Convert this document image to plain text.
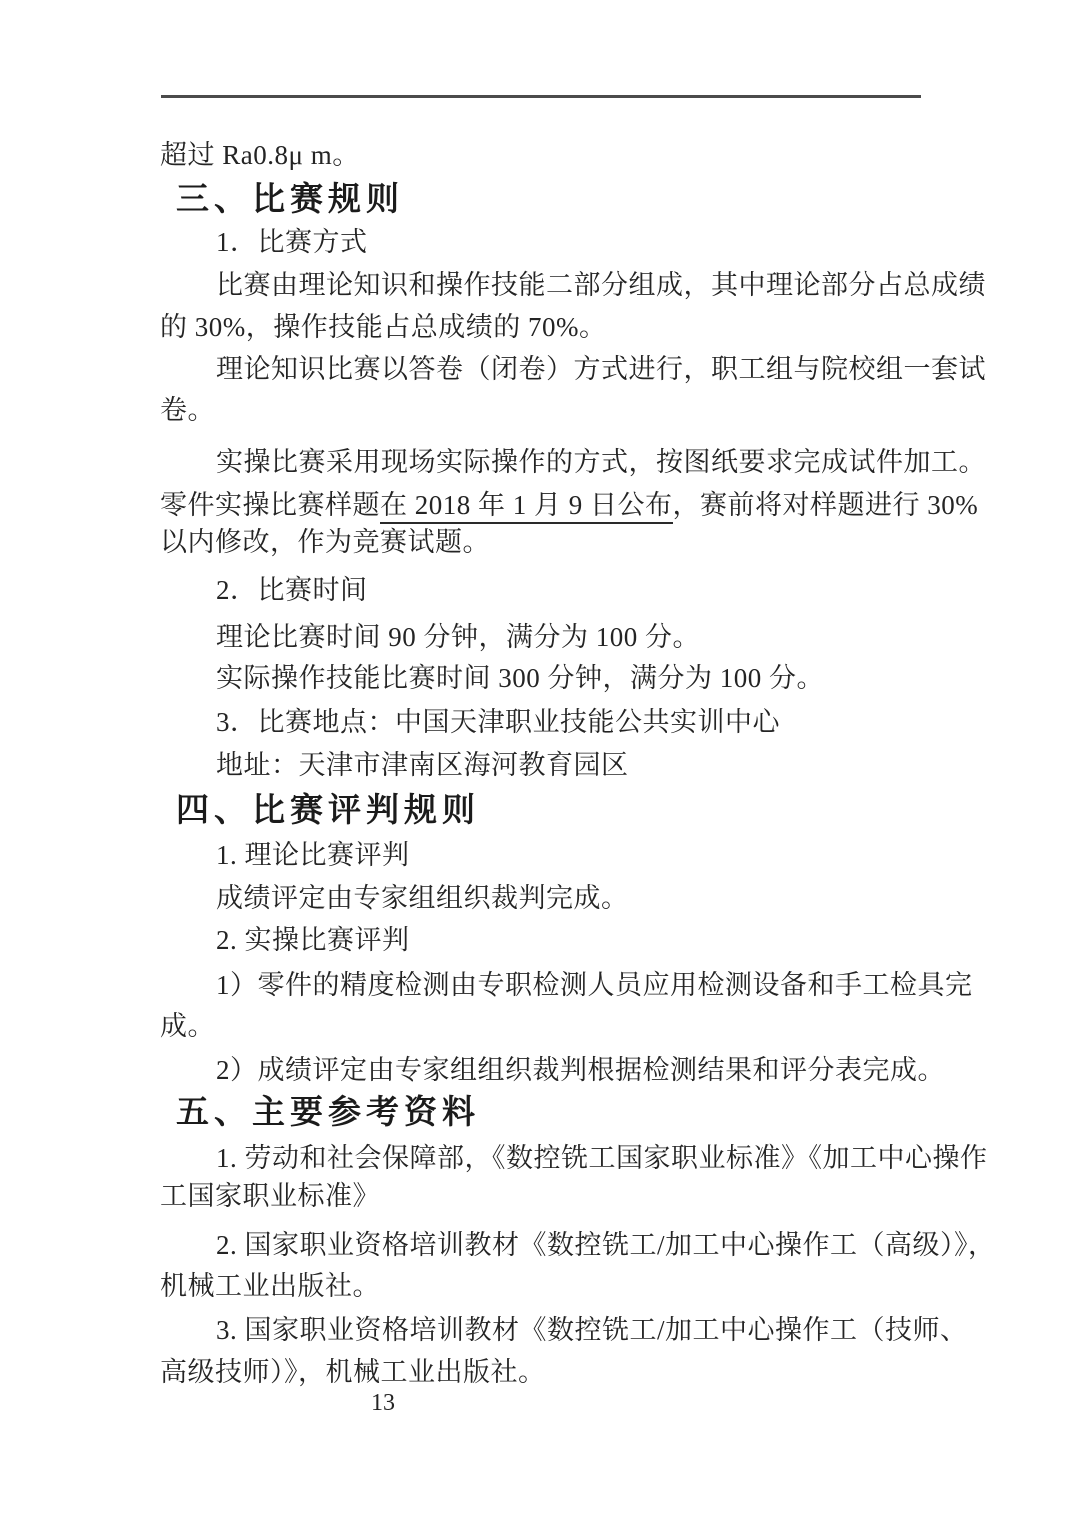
超过 Ra0.8μ m。
三、比赛规则
1．比赛方式
比赛由理论知识和操作技能二部分组成，其中理论部分占总成绩
的 30%，操作技能占总成绩的 70%。
理论知识比赛以答卷（闭卷）方式进行，职工组与院校组一套试
卷。
实操比赛采用现场实际操作的方式，按图纸要求完成试件加工。
零件实操比赛样题在 2018 年 1 月 9 日公布，赛前将对样题进行 30%
以内修改，作为竞赛试题。
2．比赛时间
理论比赛时间 90 分钟，满分为 100 分。
实际操作技能比赛时间 300 分钟，满分为 100 分。
3．比赛地点：中国天津职业技能公共实训中心
地址：天津市津南区海河教育园区
四、比赛评判规则
1. 理论比赛评判
成绩评定由专家组组织裁判完成。
2. 实操比赛评判
1）零件的精度检测由专职检测人员应用检测设备和手工检具完
成。
2）成绩评定由专家组组织裁判根据检测结果和评分表完成。
五、主要参考资料
1. 劳动和社会保障部，《数控铣工国家职业标准》《加工中心操作
工国家职业标准》
2. 国家职业资格培训教材《数控铣工/加工中心操作工（高级）》，
机械工业出版社。
3. 国家职业资格培训教材《数控铣工/加工中心操作工（技师、
高级技师）》，机械工业出版社。
13
